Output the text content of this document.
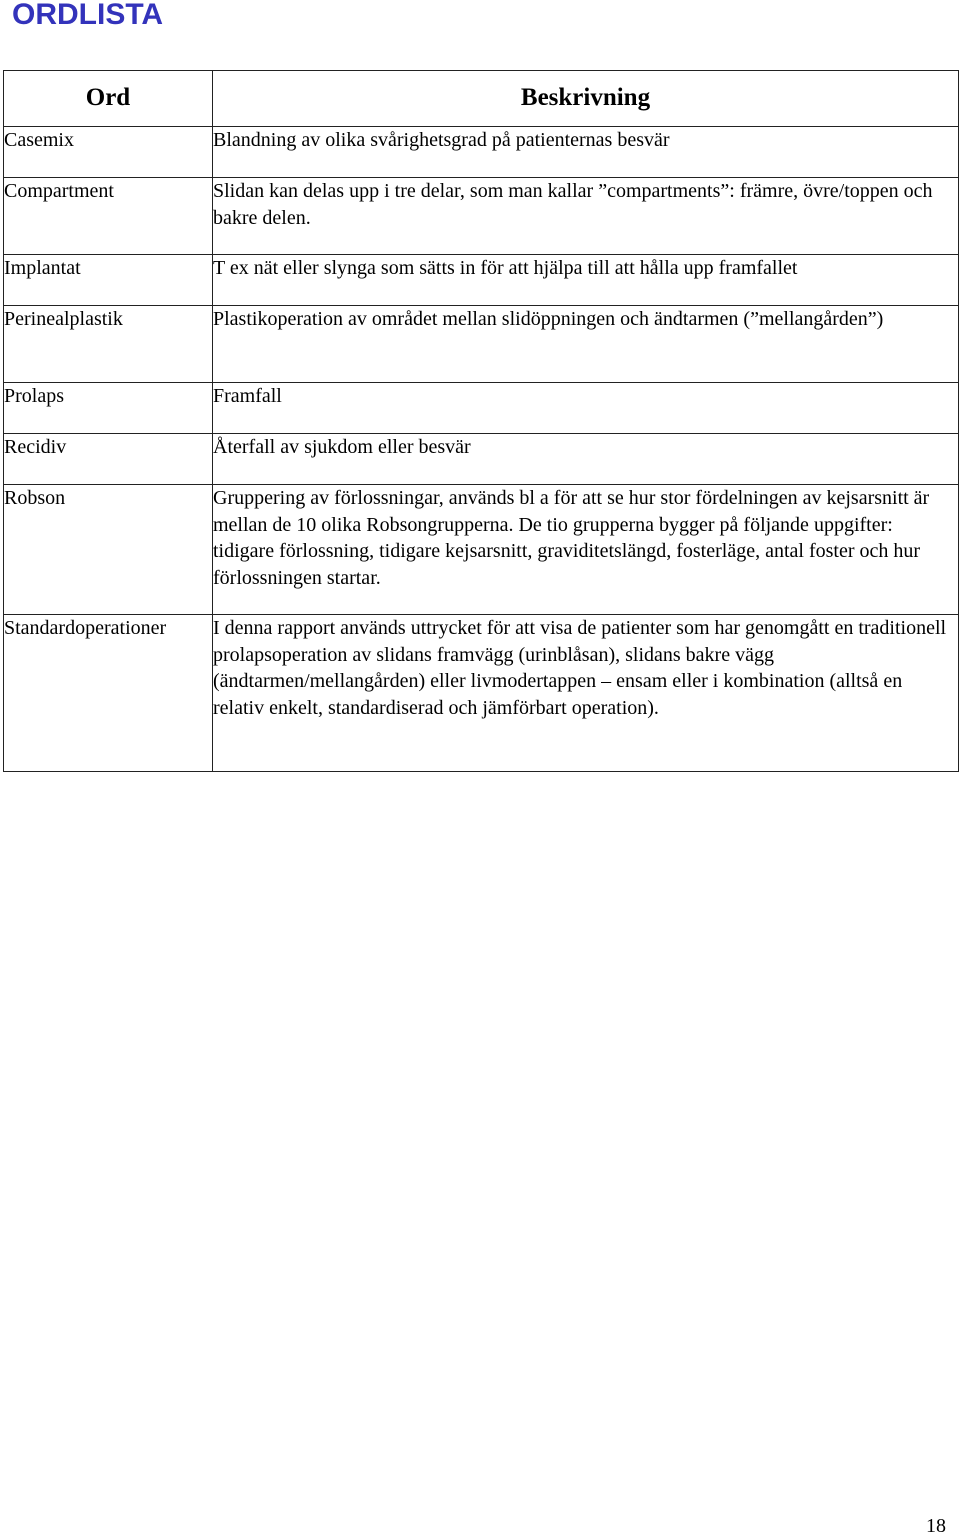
ORDLISTA
Ord	Beskrivning
Casemix	Blandning av olika svårighetsgrad på patienternas besvär
Compartment	Slidan kan delas upp i tre delar, som man kallar ”compartments”: främre, övre/toppen och bakre delen.
Implantat	T ex nät eller slynga som sätts in för att hjälpa till att hålla upp framfallet
Perinealplastik	Plastikoperation av området mellan slidöppningen och ändtarmen (”mellangården”)
Prolaps	Framfall
Recidiv	Återfall av sjukdom eller besvär
Robson	Gruppering av förlossningar, används bl a för att se hur stor fördelningen av kejsarsnitt är mellan de 10 olika Robsongrupperna. De tio grupperna bygger på följande uppgifter: tidigare förlossning, tidigare kejsarsnitt, graviditetslängd, fosterläge, antal foster och hur förlossningen startar.
Standardoperationer	I denna rapport används uttrycket för att visa de patienter som har genomgått en traditionell prolapsoperation av slidans framvägg (urinblåsan), slidans bakre vägg (ändtarmen/mellangården) eller livmodertappen – ensam eller i kombination (alltså en relativ enkelt, standardiserad och jämförbart operation).
18
